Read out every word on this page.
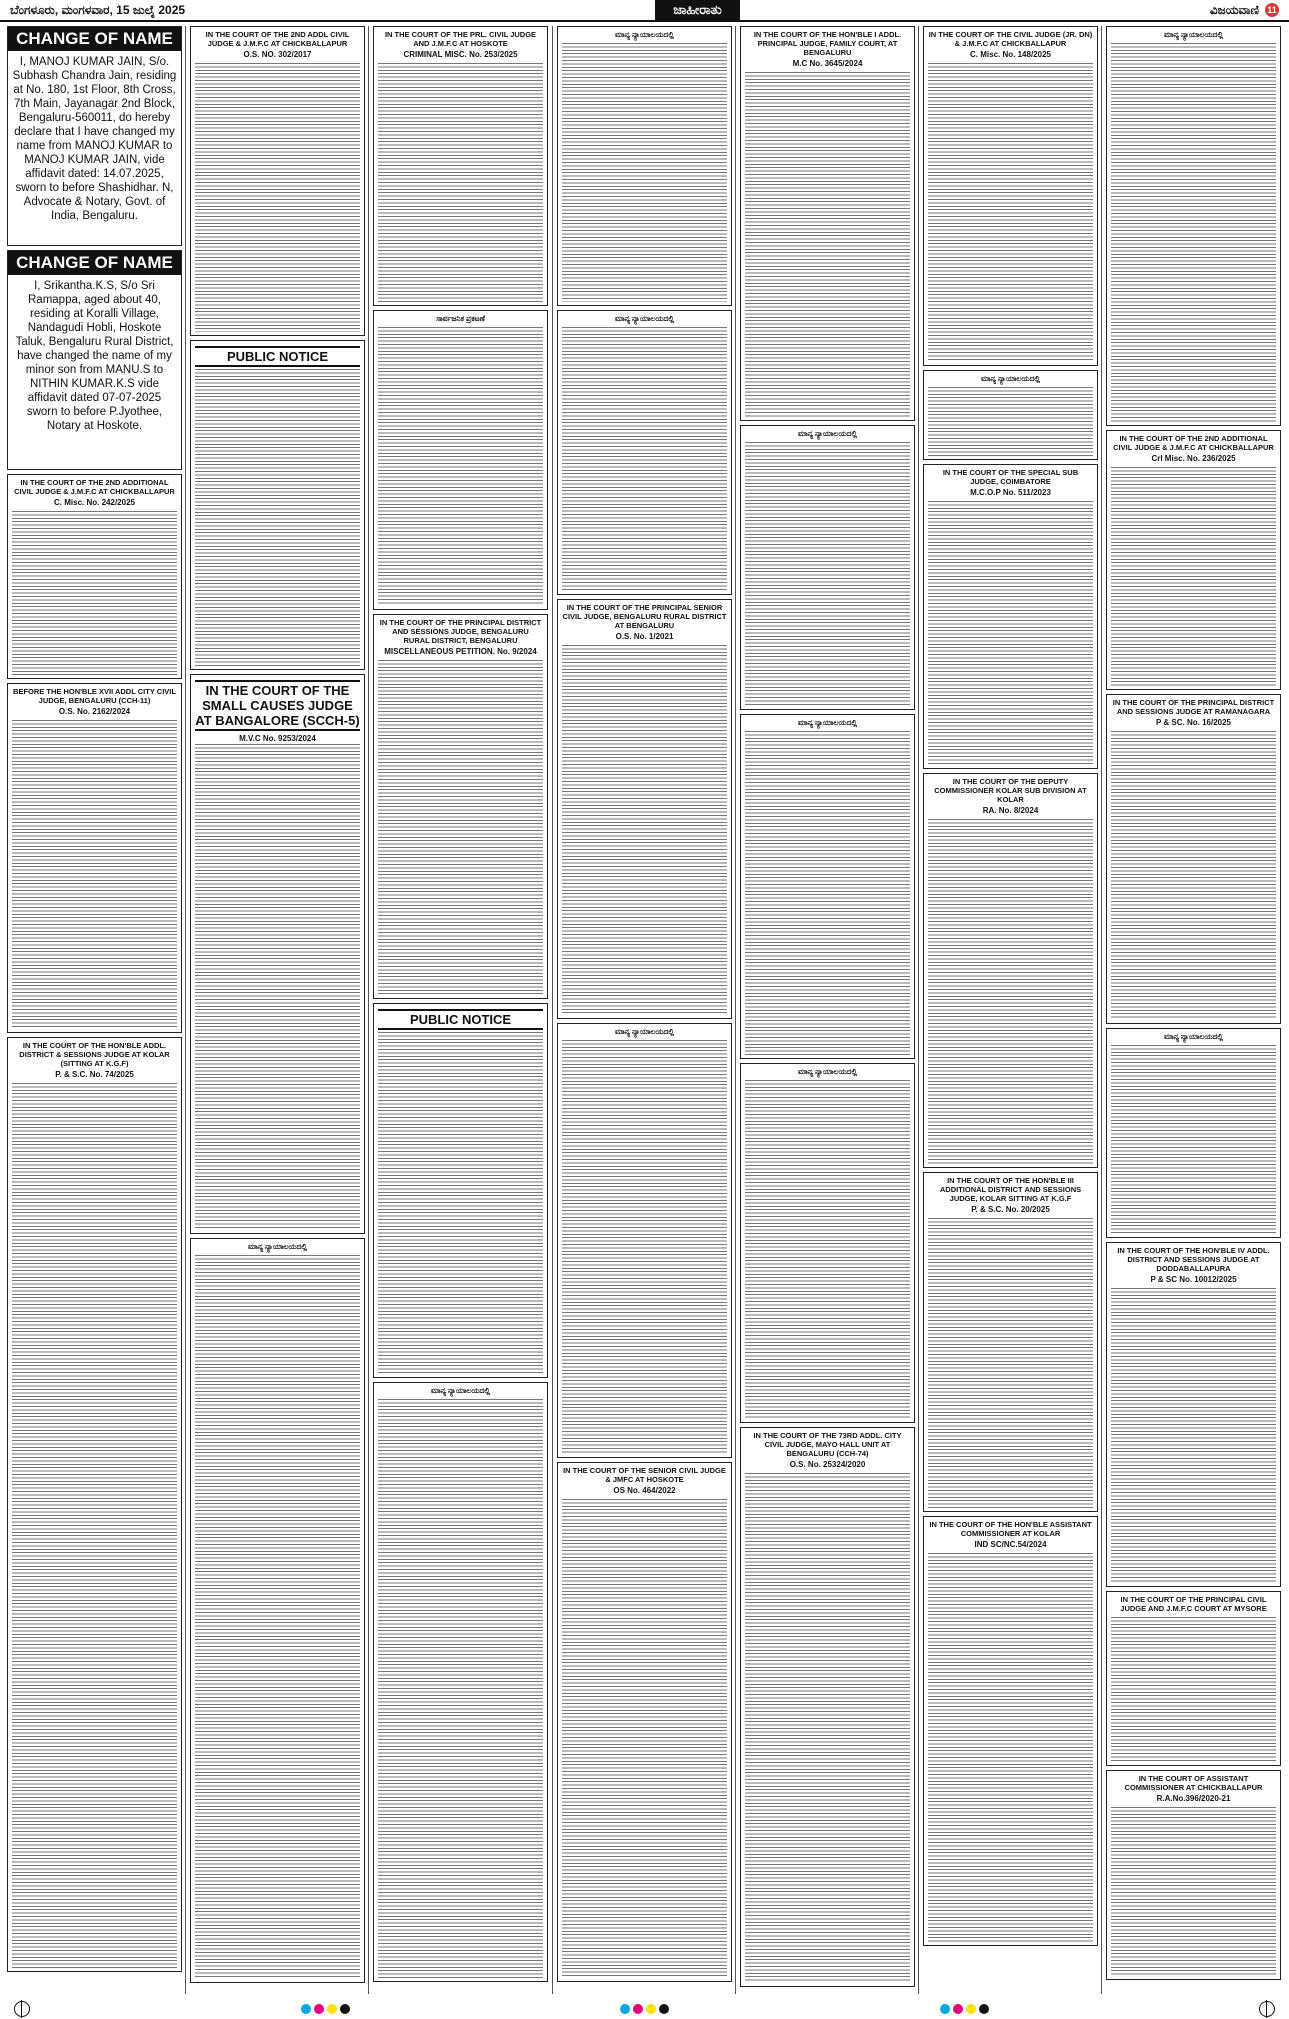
ಬೆಂಗಳೂರು, ಮಂಗಳವಾರ, 15 ಜುಲೈ 2025	ಜಾಹೀರಾತು	ವಿಜಯವಾಣಿ 11
CHANGE OF NAME
I, MANOJ KUMAR JAIN, S/o. Subhash Chandra Jain, residing at No. 180, 1st Floor, 8th Cross, 7th Main, Jayanagar 2nd Block, Bengaluru-560011, do hereby declare that I have changed my name from MANOJ KUMAR to MANOJ KUMAR JAIN, vide affidavit dated: 14.07.2025, sworn to before Shashidhar. N, Advocate & Notary, Govt. of India, Bengaluru.
CHANGE OF NAME
I, Srikantha.K.S, S/o Sri Ramappa, aged about 40, residing at Koralli Village, Nandagudi Hobli, Hoskote Taluk, Bengaluru Rural District, have changed the name of my minor son from MANU.S to NITHIN KUMAR.K.S vide affidavit dated 07-07-2025 sworn to before P.Jyothee, Notary at Hoskote.
IN THE COURT OF THE 2ND ADDITIONAL CIVIL JUDGE & J.M.F.C AT CHICKBALLAPUR
C. Misc. No. 242/2025
BEFORE THE HON'BLE XVII ADDL CITY CIVIL JUDGE, BENGALURU (CCH-11)
O.S. No. 2162/2024
IN THE COURT OF THE HON'BLE ADDL. DISTRICT & SESSIONS JUDGE AT KOLAR (SITTING AT K.G.F)
P. & S.C. No. 74/2025
IN THE COURT OF THE 2ND ADDL CIVIL JUDGE & J.M.F.C AT CHICKBALLAPUR
O.S. NO. 302/2017
PUBLIC NOTICE
IN THE COURT OF THE SMALL CAUSES JUDGE AT BANGALORE (SCCH-5)
M.V.C No. 9253/2024
ಮಾನ್ಯ ನ್ಯಾಯಾಲಯದಲ್ಲಿ
IN THE COURT OF THE PRL. CIVIL JUDGE AND J.M.F.C AT HOSKOTE
CRIMINAL MISC. No. 253/2025
ಸಾರ್ವಜನಿಕ ಪ್ರಕಟಣೆ
IN THE COURT OF THE PRINCIPAL DISTRICT AND SESSIONS JUDGE, BENGALURU RURAL DISTRICT, BENGALURU
MISCELLANEOUS PETITION. No. 9/2024
PUBLIC NOTICE
ಮಾನ್ಯ ನ್ಯಾಯಾಲಯದಲ್ಲಿ
ಮಾನ್ಯ ನ್ಯಾಯಾಲಯದಲ್ಲಿ
ಮಾನ್ಯ ನ್ಯಾಯಾಲಯದಲ್ಲಿ
IN THE COURT OF THE PRINCIPAL SENIOR CIVIL JUDGE, BENGALURU RURAL DISTRICT AT BENGALURU
O.S. No. 1/2021
ಮಾನ್ಯ ನ್ಯಾಯಾಲಯದಲ್ಲಿ
IN THE COURT OF THE SENIOR CIVIL JUDGE & JMFC AT HOSKOTE
OS No. 464/2022
IN THE COURT OF THE HON'BLE I ADDL. PRINCIPAL JUDGE, FAMILY COURT, AT BENGALURU
M.C No. 3645/2024
ಮಾನ್ಯ ನ್ಯಾಯಾಲಯದಲ್ಲಿ
ಮಾನ್ಯ ನ್ಯಾಯಾಲಯದಲ್ಲಿ
ಮಾನ್ಯ ನ್ಯಾಯಾಲಯದಲ್ಲಿ
IN THE COURT OF THE 73RD ADDL. CITY CIVIL JUDGE, MAYO HALL UNIT AT BENGALURU (CCH-74)
O.S. No. 25324/2020
IN THE COURT OF THE CIVIL JUDGE (JR. DN) & J.M.F.C AT CHICKBALLAPUR
C. Misc. No. 148/2025
ಮಾನ್ಯ ನ್ಯಾಯಾಲಯದಲ್ಲಿ
IN THE COURT OF THE SPECIAL SUB JUDGE, COIMBATORE
M.C.O.P No. 511/2023
IN THE COURT OF THE DEPUTY COMMISSIONER KOLAR SUB DIVISION AT KOLAR
RA. No. 8/2024
IN THE COURT OF THE HON'BLE III ADDITIONAL DISTRICT AND SESSIONS JUDGE, KOLAR SITTING AT K.G.F
P. & S.C. No. 20/2025
IN THE COURT OF THE HON'BLE ASSISTANT COMMISSIONER AT KOLAR
IND SC/NC.54/2024
ಮಾನ್ಯ ನ್ಯಾಯಾಲಯದಲ್ಲಿ
IN THE COURT OF THE 2ND ADDITIONAL CIVIL JUDGE & J.M.F.C AT CHICKBALLAPUR
Crl Misc. No. 236/2025
IN THE COURT OF THE PRINCIPAL DISTRICT AND SESSIONS JUDGE AT RAMANAGARA
P & SC. No. 16/2025
ಮಾನ್ಯ ನ್ಯಾಯಾಲಯದಲ್ಲಿ
IN THE COURT OF THE HON'BLE IV ADDL. DISTRICT AND SESSIONS JUDGE AT DODDABALLAPURA
P & SC No. 10012/2025
IN THE COURT OF THE PRINCIPAL CIVIL JUDGE AND J.M.F.C COURT AT MYSORE
IN THE COURT OF ASSISTANT COMMISSIONER AT CHICKBALLAPUR
R.A.No.396/2020-21
